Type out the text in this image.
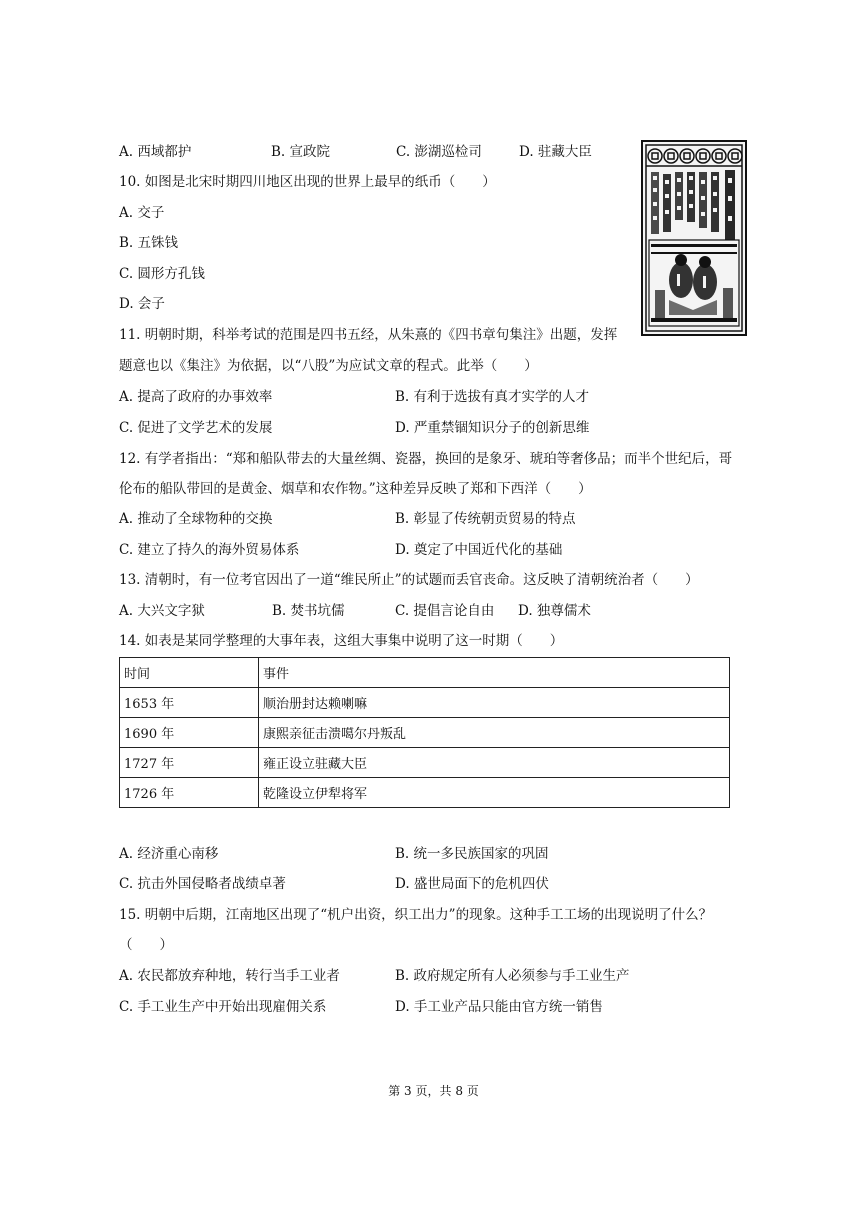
A. 西域都护	B. 宣政院	C. 澎湖巡检司	D. 驻藏大臣
10. 如图是北宋时期四川地区出现的世界上最早的纸币（　　）
A. 交子
B. 五铢钱
C. 圆形方孔钱
D. 会子
11. 明朝时期，科举考试的范围是四书五经，从朱熹的《四书章句集注》出题，发挥
题意也以《集注》为依据，以“八股”为应试文章的程式。此举（　　）
A. 提高了政府的办事效率	B. 有利于选拔有真才实学的人才
C. 促进了文学艺术的发展	D. 严重禁锢知识分子的创新思维
12. 有学者指出：“郑和船队带去的大量丝绸、瓷器，换回的是象牙、琥珀等奢侈品；而半个世纪后，哥
伦布的船队带回的是黄金、烟草和农作物。”这种差异反映了郑和下西洋（　　）
A. 推动了全球物种的交换	B. 彰显了传统朝贡贸易的特点
C. 建立了持久的海外贸易体系	D. 奠定了中国近代化的基础
13. 清朝时，有一位考官因出了一道“维民所止”的试题而丢官丧命。这反映了清朝统治者（　　）
A. 大兴文字狱	B. 焚书坑儒	C. 提倡言论自由 D. 独尊儒术
14. 如表是某同学整理的大事年表，这组大事集中说明了这一时期（　　）
时间	事件
1653 年	顺治册封达赖喇嘛
1690 年	康熙亲征击溃噶尔丹叛乱
1727 年	雍正设立驻藏大臣
1726 年	乾隆设立伊犁将军
A. 经济重心南移	B. 统一多民族国家的巩固
C. 抗击外国侵略者战绩卓著	D. 盛世局面下的危机四伏
15. 明朝中后期，江南地区出现了“机户出资，织工出力”的现象。这种手工工场的出现说明了什么？
（　　）
A. 农民都放弃种地，转行当手工业者	B. 政府规定所有人必须参与手工业生产
C. 手工业生产中开始出现雇佣关系	D. 手工业产品只能由官方统一销售
第 3 页，共 8 页
